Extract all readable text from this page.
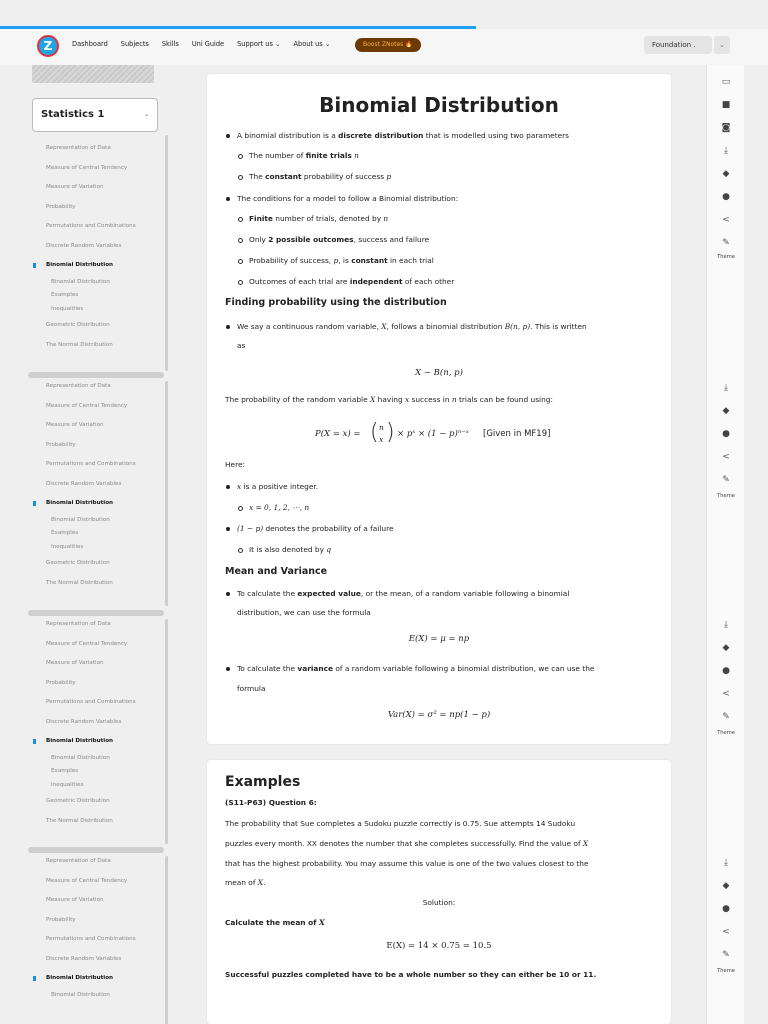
Z	Dashboard Subjects Skills Uni Guide Support us ⌄ About us ⌄	Boost ZNotes 🔥	Foundation .	⌄
Statistics 1	⌄
Representation of Data
Measure of Central Tendency
Measure of Variation
Probability
Permutations and Combinations
Discrete Random Variables
Binomial Distribution
Binomial Distribution
Examples
Inequalities
Geometric Distribution
The Normal Distribution
Representation of Data
Measure of Central Tendency
Measure of Variation
Probability
Permutations and Combinations
Discrete Random Variables
Binomial Distribution
Binomial Distribution
Examples
Inequalities
Geometric Distribution
The Normal Distribution
Representation of Data
Measure of Central Tendency
Measure of Variation
Probability
Permutations and Combinations
Discrete Random Variables
Binomial Distribution
Binomial Distribution
Examples
Inequalities
Geometric Distribution
The Normal Distribution
Representation of Data
Measure of Central Tendency
Measure of Variation
Probability
Permutations and Combinations
Discrete Random Variables
Binomial Distribution
Binomial Distribution
Binomial Distribution
A binomial distribution is a discrete distribution that is modelled using two parameters
The number of finite trials n
The constant probability of success p
The conditions for a model to follow a Binomial distribution:
Finite number of trials, denoted by n
Only 2 possible outcomes, success and failure
Probability of success, p, is constant in each trial
Outcomes of each trial are independent of each other
Finding probability using the distribution
We say a continuous random variable, X, follows a binomial distribution B(n, p). This is written
as
X ∼ B(n, p)
The probability of the random variable X having x success in n trials can be found using:
P(X = x) = ( n
x ) × pˣ × (1 − p)ⁿ⁻ˣ [Given in MF19]
Here:
x is a positive integer.
x = 0, 1, 2, ⋯, n
(1 − p) denotes the probability of a failure
It is also denoted by q
Mean and Variance
To calculate the expected value, or the mean, of a random variable following a binomial
distribution, we can use the formula
E(X) = μ = np
To calculate the variance of a random variable following a binomial distribution, we can use the
formula
Var(X) = σ² = np(1 − p)
Examples
(S11-P63) Question 6:
The probability that Sue completes a Sudoku puzzle correctly is 0.75. Sue attempts 14 Sudoku
puzzles every month. XX denotes the number that she completes successfully. Find the value of X
that has the highest probability. You may assume this value is one of the two values closest to the
mean of X.
Solution:
Calculate the mean of X
E(X) = 14 × 0.75 = 10.5
Successful puzzles completed have to be a whole number so they can either be 10 or 11.
▭
■
◙
⤓
◆
●
<
✎
Theme
⤓
◆
●
<
✎
Theme
⤓
◆
●
<
✎
Theme
⤓
◆
●
<
✎
Theme
